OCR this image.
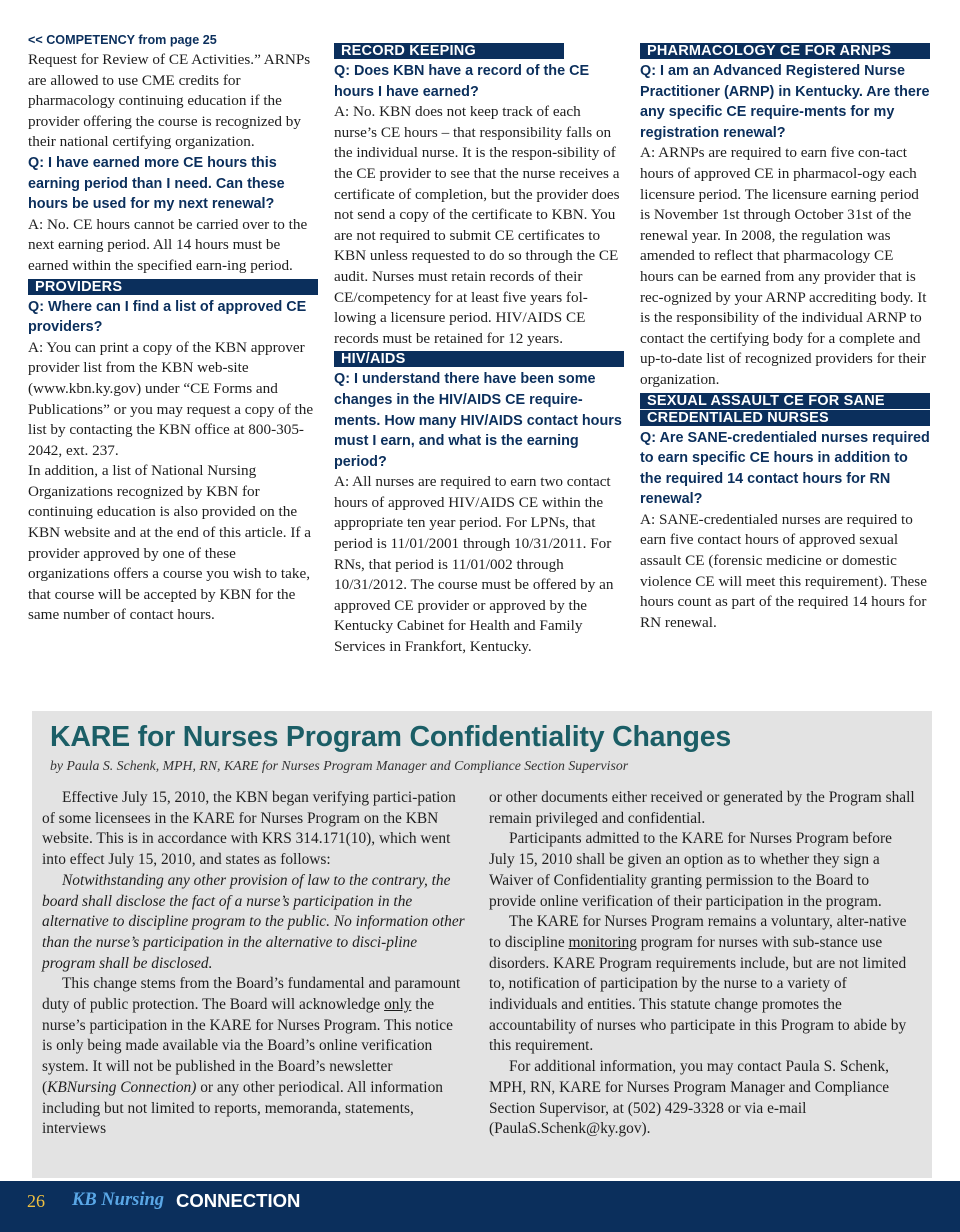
<< COMPETENCY from page 25
Request for Review of CE Activities.” ARNPs are allowed to use CME credits for pharmacology continuing education if the provider offering the course is recognized by their national certifying organization.
Q: I have earned more CE hours this earning period than I need. Can these hours be used for my next renewal?
A: No. CE hours cannot be carried over to the next earning period. All 14 hours must be earned within the specified earn-ing period.
PROVIDERS
Q: Where can I find a list of approved CE providers?
A: You can print a copy of the KBN approver provider list from the KBN web-site (www.kbn.ky.gov) under “CE Forms and Publications” or you may request a copy of the list by contacting the KBN office at 800-305-2042, ext. 237.
In addition, a list of National Nursing Organizations recognized by KBN for continuing education is also provided on the KBN website and at the end of this article. If a provider approved by one of these organizations offers a course you wish to take, that course will be accepted by KBN for the same number of contact hours.
RECORD KEEPING
Q: Does KBN have a record of the CE hours I have earned?
A: No. KBN does not keep track of each nurse’s CE hours – that responsibility falls on the individual nurse. It is the respon-sibility of the CE provider to see that the nurse receives a certificate of completion, but the provider does not send a copy of the certificate to KBN. You are not required to submit CE certificates to KBN unless requested to do so through the CE audit. Nurses must retain records of their CE/competency for at least five years fol-lowing a licensure period. HIV/AIDS CE records must be retained for 12 years.
HIV/AIDS
Q: I understand there have been some changes in the HIV/AIDS CE require-ments. How many HIV/AIDS contact hours must I earn, and what is the earning period?
A: All nurses are required to earn two contact hours of approved HIV/AIDS CE within the appropriate ten year period. For LPNs, that period is 11/01/2001 through 10/31/2011. For RNs, that period is 11/01/002 through 10/31/2012. The course must be offered by an approved CE provider or approved by the Kentucky Cabinet for Health and Family Services in Frankfort, Kentucky.
PHARMACOLOGY CE FOR ARNPS
Q: I am an Advanced Registered Nurse Practitioner (ARNP) in Kentucky. Are there any specific CE require-ments for my registration renewal?
A: ARNPs are required to earn five con-tact hours of approved CE in pharmacol-ogy each licensure period. The licensure earning period is November 1st through October 31st of the renewal year. In 2008, the regulation was amended to reflect that pharmacology CE hours can be earned from any provider that is rec-ognized by your ARNP accrediting body. It is the responsibility of the individual ARNP to contact the certifying body for a complete and up-to-date list of recognized providers for their organization.
SEXUAL ASSAULT CE FOR SANE
CREDENTIALED NURSES
Q: Are SANE-credentialed nurses required to earn specific CE hours in addition to the required 14 contact hours for RN renewal?
A: SANE-credentialed nurses are required to earn five contact hours of approved sexual assault CE (forensic medicine or domestic violence CE will meet this requirement). These hours count as part of the required 14 hours for RN renewal.
KARE for Nurses Program Confidentiality Changes
by Paula S. Schenk, MPH, RN, KARE for Nurses Program Manager and Compliance Section Supervisor
Effective July 15, 2010, the KBN began verifying partici-pation of some licensees in the KARE for Nurses Program on the KBN website. This is in accordance with KRS 314.171(10), which went into effect July 15, 2010, and states as follows:
Notwithstanding any other provision of law to the contrary, the board shall disclose the fact of a nurse’s participation in the alternative to discipline program to the public. No information other than the nurse’s participation in the alternative to disci-pline program shall be disclosed.
This change stems from the Board’s fundamental and paramount duty of public protection. The Board will acknowledge only the nurse’s participation in the KARE for Nurses Program. This notice is only being made available via the Board’s online verification system. It will not be published in the Board’s newsletter (KBNursing Connection) or any other periodical. All information including but not limited to reports, memoranda, statements, interviews
or other documents either received or generated by the Program shall remain privileged and confidential.
Participants admitted to the KARE for Nurses Program before July 15, 2010 shall be given an option as to whether they sign a Waiver of Confidentiality granting permission to the Board to provide online verification of their participation in the program.
The KARE for Nurses Program remains a voluntary, alter-native to discipline monitoring program for nurses with sub-stance use disorders. KARE Program requirements include, but are not limited to, notification of participation by the nurse to a variety of individuals and entities. This statute change promotes the accountability of nurses who participate in this Program to abide by this requirement.
For additional information, you may contact Paula S. Schenk, MPH, RN, KARE for Nurses Program Manager and Compliance Section Supervisor, at (502) 429-3328 or via e-mail (PaulaS.Schenk@ky.gov).
26 KB Nursing CONNECTION
